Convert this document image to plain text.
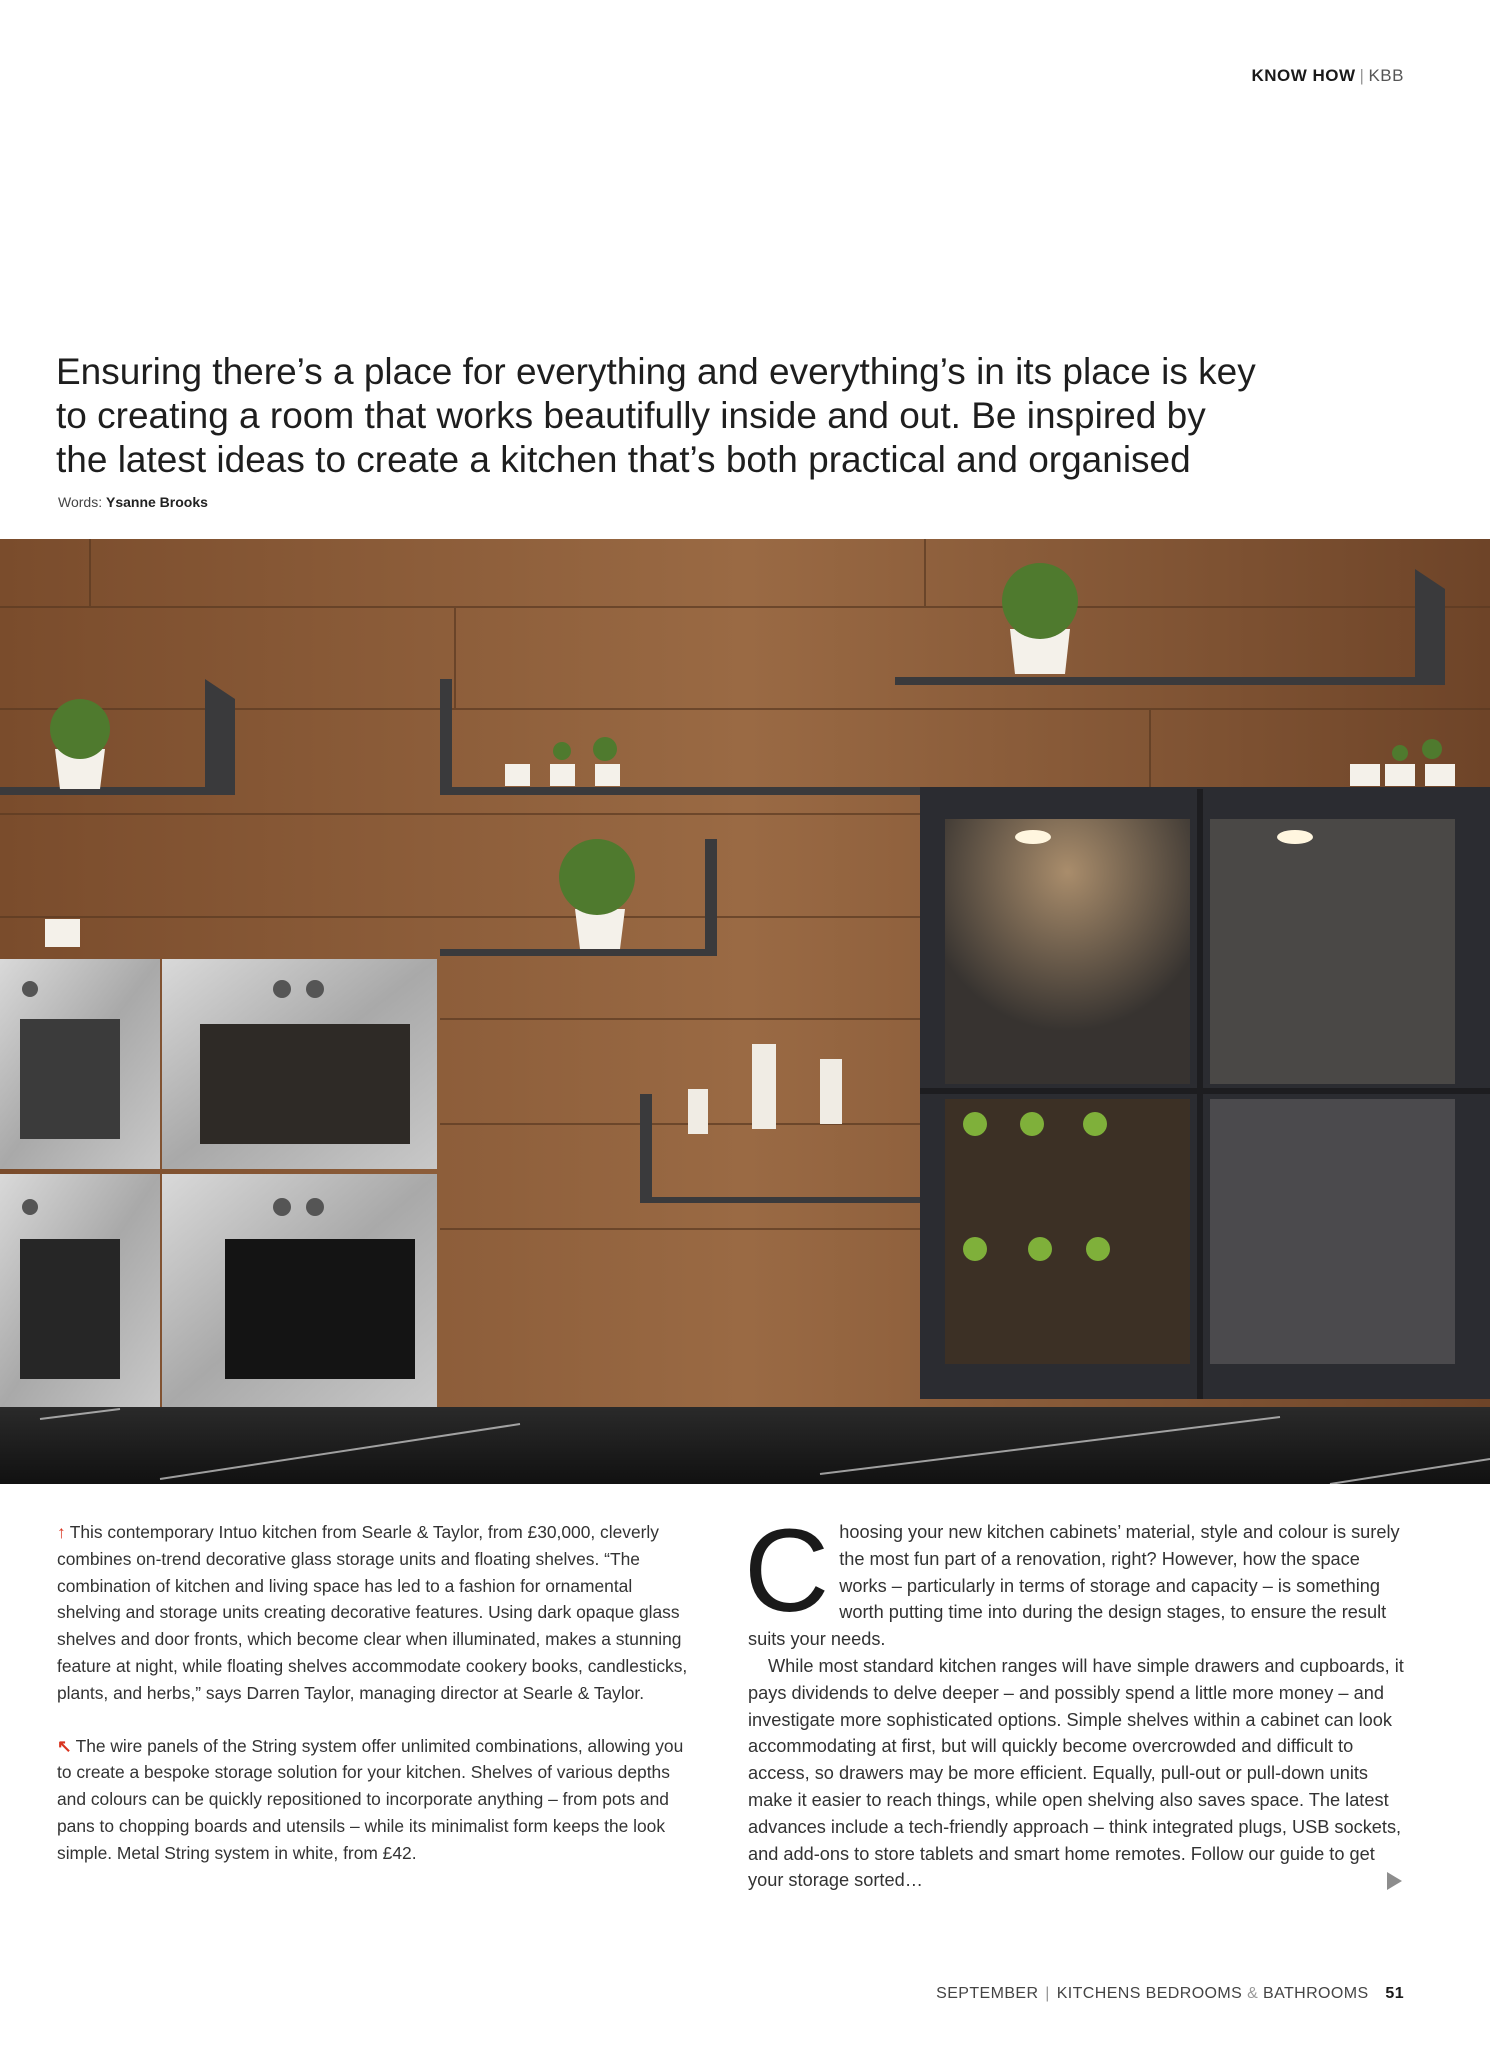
KNOW HOW | KBB
Ensuring there’s a place for everything and everything’s in its place is key
to creating a room that works beautifully inside and out. Be inspired by
the latest ideas to create a kitchen that’s both practical and organised
Words: Ysanne Brooks

↑ This contemporary Intuo kitchen from Searle & Taylor, from £30,000, cleverly combines on-trend decorative glass storage units and floating shelves. “The combination of kitchen and living space has led to a fashion for ornamental shelving and storage units creating decorative features. Using dark opaque glass shelves and door fronts, which become clear when illuminated, makes a stunning feature at night, while floating shelves accommodate cookery books, candlesticks, plants, and herbs,” says Darren Taylor, managing director at Searle & Taylor.

↖ The wire panels of the String system offer unlimited combinations, allowing you to create a bespoke storage solution for your kitchen. Shelves of various depths and colours can be quickly repositioned to incorporate anything – from pots and pans to chopping boards and utensils – while its minimalist form keeps the look simple. Metal String system in white, from £42.

Choosing your new kitchen cabinets’ material, style and colour is surely the most fun part of a renovation, right? However, how the space works – particularly in terms of storage and capacity – is something worth putting time into during the design stages, to ensure the result suits your needs.

While most standard kitchen ranges will have simple drawers and cupboards, it pays dividends to delve deeper – and possibly spend a little more money – and investigate more sophisticated options. Simple shelves within a cabinet can look accommodating at first, but will quickly become overcrowded and difficult to access, so drawers may be more efficient. Equally, pull-out or pull-down units make it easier to reach things, while open shelving also saves space. The latest advances include a tech-friendly approach – think integrated plugs, USB sockets, and add-ons to store tablets and smart home remotes. Follow our guide to get your storage sorted…

SEPTEMBER | KITCHENS BEDROOMS & BATHROOMS 51
